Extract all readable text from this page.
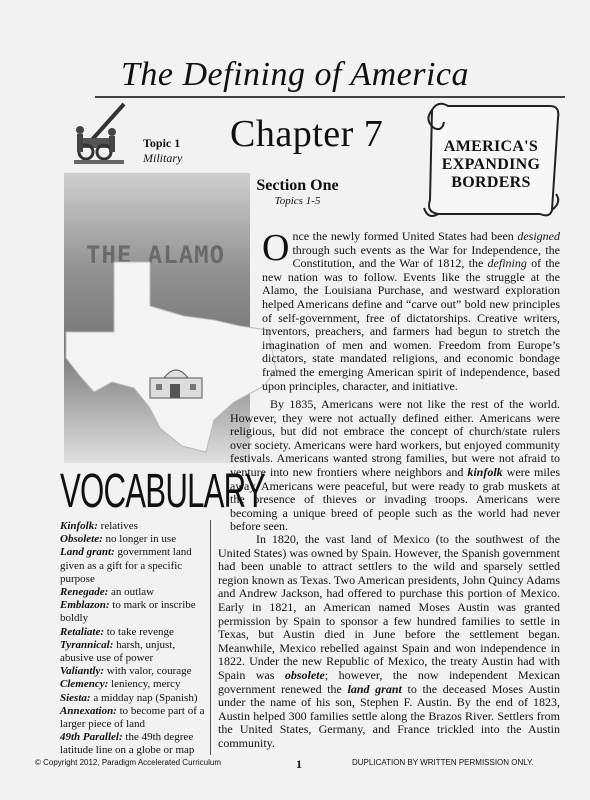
The Defining of America
Topic 1
Military
Chapter 7	AMERICA'S
EXPANDING
BORDERS
Section One
Topics 1-5
THE ALAMO
VOCABULARY
Kinfolk: relatives
Obsolete: no longer in use
Land grant: government land given as a gift for a specific purpose
Renegade: an outlaw
Emblazon: to mark or inscribe boldly
Retaliate: to take revenge
Tyrannical: harsh, unjust, abusive use of power
Valiantly: with valor, courage
Clemency: leniency, mercy
Siesta: a midday nap (Spanish)
Annexation: to become part of a larger piece of land
49th Parallel: the 49th degree latitude line on a globe or map
Once the newly formed United States had been designed through such events as the War for Independence, the Constitution, and the War of 1812, the defining of the new nation was to follow. Events like the struggle at the Alamo, the Louisiana Purchase, and westward exploration helped Americans define and “carve out” bold new principles of self-government, free of dictatorships. Creative writers, inventors, preachers, and farmers had begun to stretch the imagination of men and women. Freedom from Europe’s dictators, state mandated religions, and economic bondage framed the emerging American spirit of independence, based upon principles, character, and initiative.
By 1835, Americans were not like the rest of the world. However, they were not actually defined either. Americans were religious, but did not embrace the concept of church/state rulers over society. Americans were hard workers, but enjoyed community festivals. Americans wanted strong families, but were not afraid to venture into new frontiers where neighbors and kinfolk were miles away. Americans were peaceful, but were ready to grab muskets at the presence of thieves or invading troops. Americans were becoming a unique breed of people such as the world had never before seen.
In 1820, the vast land of Mexico (to the southwest of the United States) was owned by Spain. However, the Spanish government had been unable to attract settlers to the wild and sparsely settled region known as Texas. Two American presidents, John Quincy Adams and Andrew Jackson, had offered to purchase this portion of Mexico. Early in 1821, an American named Moses Austin was granted permission by Spain to sponsor a few hundred families to settle in Texas, but Austin died in June before the settlement began. Meanwhile, Mexico rebelled against Spain and won independence in 1822. Under the new Republic of Mexico, the treaty Austin had with Spain was obsolete; however, the now independent Mexican government renewed the land grant to the deceased Moses Austin under the name of his son, Stephen F. Austin. By the end of 1823, Austin helped 300 families settle along the Brazos River. Settlers from the United States, Germany, and France trickled into the Austin community.
© Copyright 2012, Paradigm Accelerated Curriculum	1	DUPLICATION BY WRITTEN PERMISSION ONLY.
